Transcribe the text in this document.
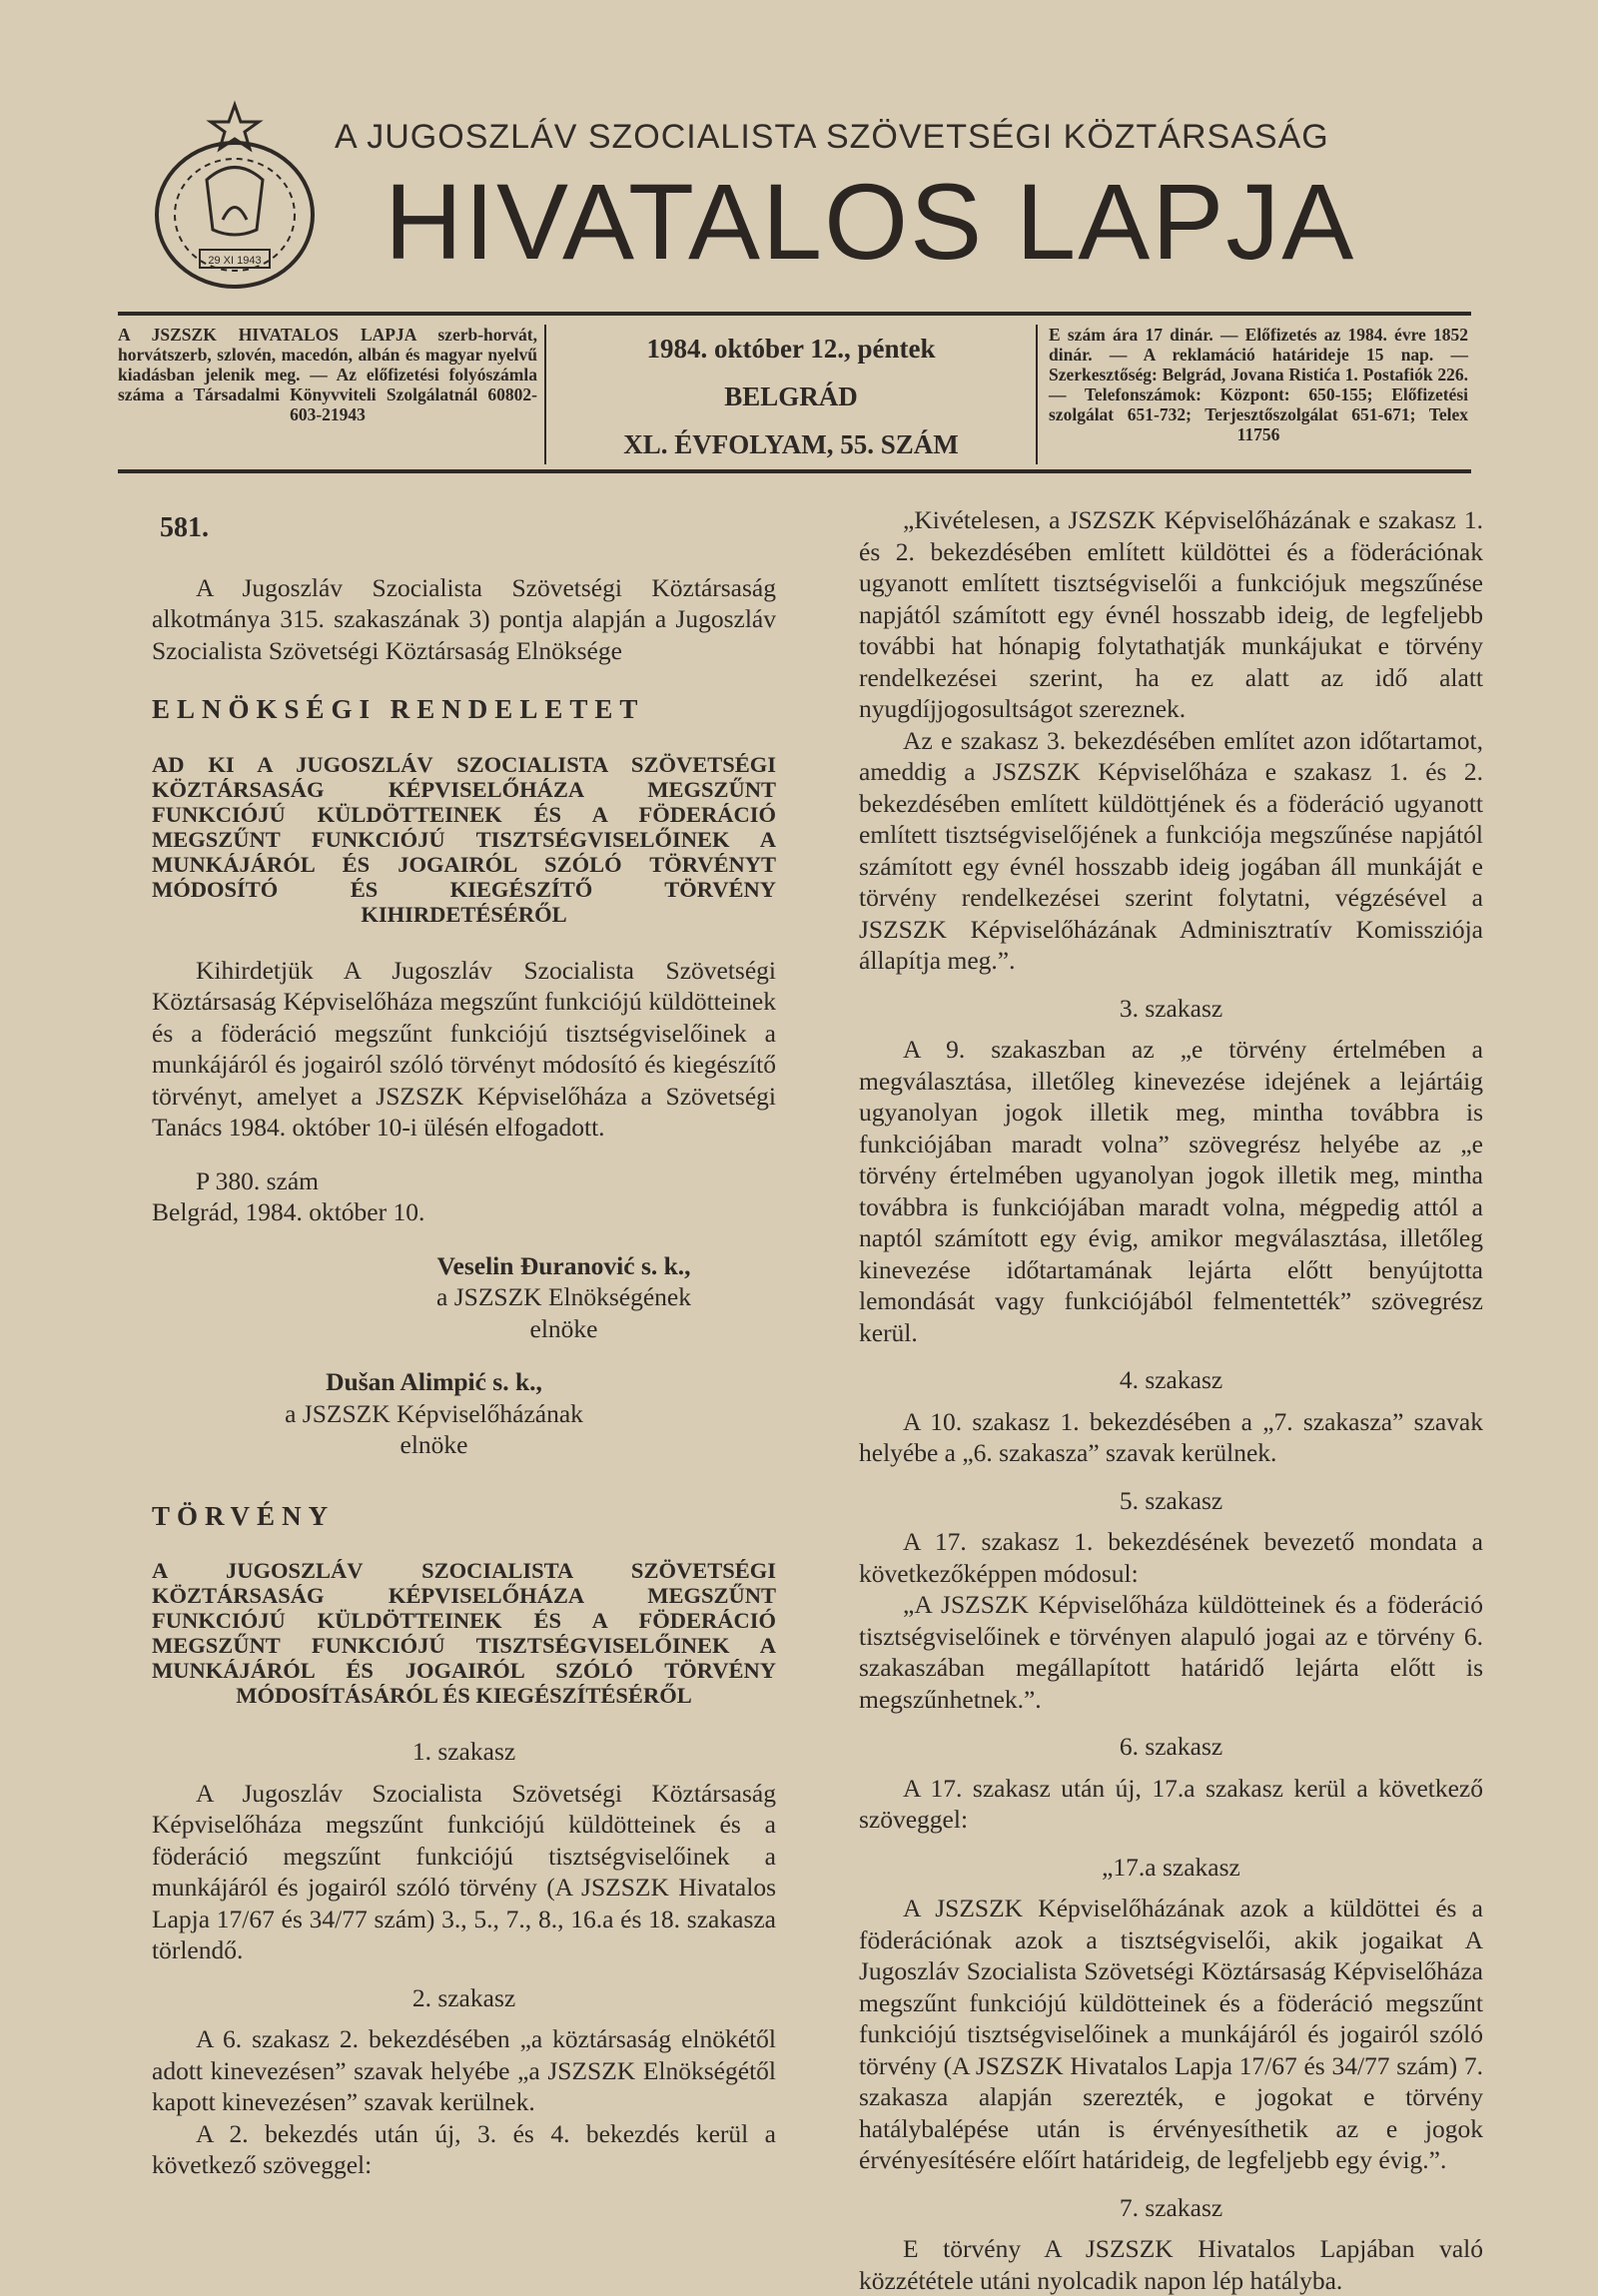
29 XI 1943
A JUGOSZLÁV SZOCIALISTA SZÖVETSÉGI KÖZTÁRSASÁG
HIVATALOS LAPJA
A JSZSZK HIVATALOS LAPJA szerb-horvát, horvátszerb, szlovén, macedón, albán és magyar nyelvű kiadásban jelenik meg. — Az előfizetési folyószámla száma a Társadalmi Könyvviteli Szolgálatnál 60802-603-21943
1984. október 12., péntek
BELGRÁD
XL. ÉVFOLYAM, 55. SZÁM
E szám ára 17 dinár. — Előfizetés az 1984. évre 1852 dinár. — A reklamáció határideje 15 nap. — Szerkesztőség: Belgrád, Jovana Ristića 1. Postafiók 226. — Telefonszámok: Központ: 650-155; Előfizetési szolgálat 651-732; Terjesztőszolgálat 651-671; Telex 11756

581.

A Jugoszláv Szocialista Szövetségi Köztársaság alkotmánya 315. szakaszának 3) pontja alapján a Jugoszláv Szocialista Szövetségi Köztársaság Elnöksége

ELNÖKSÉGI RENDELETET

AD KI A JUGOSZLÁV SZOCIALISTA SZÖVETSÉGI KÖZTÁRSASÁG KÉPVISELŐHÁZA MEGSZŰNT FUNKCIÓJÚ KÜLDÖTTEINEK ÉS A FÖDERÁCIÓ MEGSZŰNT FUNKCIÓJÚ TISZTSÉGVISELŐINEK A MUNKÁJÁRÓL ÉS JOGAIRÓL SZÓLÓ TÖRVÉNYT MÓDOSÍTÓ ÉS KIEGÉSZÍTŐ TÖRVÉNY KIHIRDETÉSÉRŐL

Kihirdetjük A Jugoszláv Szocialista Szövetségi Köztársaság Képviselőháza megszűnt funkciójú küldötteinek és a föderáció megszűnt funkciójú tisztségviselőinek a munkájáról és jogairól szóló törvényt módosító és kiegészítő törvényt, amelyet a JSZSZK Képviselőháza a Szövetségi Tanács 1984. október 10-i ülésén elfogadott.

P 380. szám

Belgrád, 1984. október 10.

Veselin Đuranović s. k.,

a JSZSZK Elnökségének

elnöke

Dušan Alimpić s. k.,

a JSZSZK Képviselőházának

elnöke

TÖRVÉNY

A JUGOSZLÁV SZOCIALISTA SZÖVETSÉGI KÖZTÁRSASÁG KÉPVISELŐHÁZA MEGSZŰNT FUNKCIÓJÚ KÜLDÖTTEINEK ÉS A FÖDERÁCIÓ MEGSZŰNT FUNKCIÓJÚ TISZTSÉGVISELŐINEK A MUNKÁJÁRÓL ÉS JOGAIRÓL SZÓLÓ TÖRVÉNY MÓDOSÍTÁSÁRÓL ÉS KIEGÉSZÍTÉSÉRŐL

1. szakasz

A Jugoszláv Szocialista Szövetségi Köztársaság Képviselőháza megszűnt funkciójú küldötteinek és a föderáció megszűnt funkciójú tisztségviselőinek a munkájáról és jogairól szóló törvény (A JSZSZK Hivatalos Lapja 17/67 és 34/77 szám) 3., 5., 7., 8., 16.a és 18. szakasza törlendő.

2. szakasz

A 6. szakasz 2. bekezdésében „a köztársaság elnökétől adott kinevezésen” szavak helyébe „a JSZSZK Elnökségétől kapott kinevezésen” szavak kerülnek.

A 2. bekezdés után új, 3. és 4. bekezdés kerül a következő szöveggel:

„Kivételesen, a JSZSZK Képviselőházának e szakasz 1. és 2. bekezdésében említett küldöttei és a föderációnak ugyanott említett tisztségviselői a funkciójuk megszűnése napjától számított egy évnél hosszabb ideig, de legfeljebb további hat hónapig folytathatják munkájukat e törvény rendelkezései szerint, ha ez alatt az idő alatt nyugdíjjogosultságot szereznek.

Az e szakasz 3. bekezdésében említet azon időtartamot, ameddig a JSZSZK Képviselőháza e szakasz 1. és 2. bekezdésében említett küldöttjének és a föderáció ugyanott említett tisztségviselőjének a funkciója megszűnése napjától számított egy évnél hosszabb ideig jogában áll munkáját e törvény rendelkezései szerint folytatni, végzésével a JSZSZK Képviselőházának Adminisztratív Komissziója állapítja meg.”.

3. szakasz

A 9. szakaszban az „e törvény értelmében a megválasztása, illetőleg kinevezése idejének a lejártáig ugyanolyan jogok illetik meg, mintha továbbra is funkciójában maradt volna” szövegrész helyébe az „e törvény értelmében ugyanolyan jogok illetik meg, mintha továbbra is funkciójában maradt volna, mégpedig attól a naptól számított egy évig, amikor megválasztása, illetőleg kinevezése időtartamának lejárta előtt benyújtotta lemondását vagy funkciójából felmentették” szövegrész kerül.

4. szakasz

A 10. szakasz 1. bekezdésében a „7. szakasza” szavak helyébe a „6. szakasza” szavak kerülnek.

5. szakasz

A 17. szakasz 1. bekezdésének bevezető mondata a következőképpen módosul:

„A JSZSZK Képviselőháza küldötteinek és a föderáció tisztségviselőinek e törvényen alapuló jogai az e törvény 6. szakaszában megállapított határidő lejárta előtt is megszűnhetnek.”.

6. szakasz

A 17. szakasz után új, 17.a szakasz kerül a következő szöveggel:

„17.a szakasz

A JSZSZK Képviselőházának azok a küldöttei és a föderációnak azok a tisztségviselői, akik jogaikat A Jugoszláv Szocialista Szövetségi Köztársaság Képviselőháza megszűnt funkciójú küldötteinek és a föderáció megszűnt funkciójú tisztségviselőinek a munkájáról és jogairól szóló törvény (A JSZSZK Hivatalos Lapja 17/67 és 34/77 szám) 7. szakasza alapján szerezték, e jogokat e törvény hatálybalépése után is érvényesíthetik az e jogok érvényesítésére előírt határideig, de legfeljebb egy évig.”.

7. szakasz

E törvény A JSZSZK Hivatalos Lapjában való közzététele utáni nyolcadik napon lép hatályba.
